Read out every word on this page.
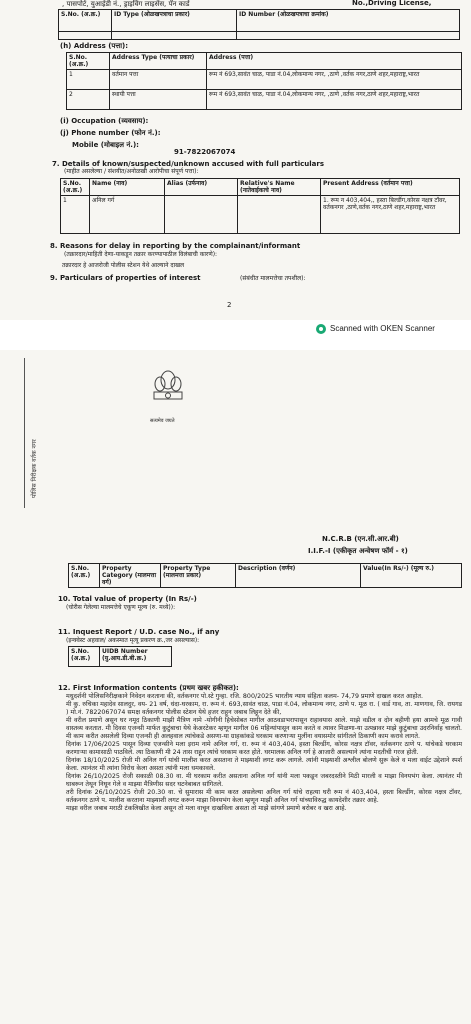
, पासपोर्ट, युआईडी नं., ड्राइविंग लाइसेंस, पॅन कार्ड	No.,Driving License,
S.No. (अ.क्र.)	ID Type (ओळखपत्राचा प्रकार)	ID Number (ओळखपत्राचा क्रमांक)

(h) Address (पत्ता):
S.No. (अ.क्र.)	Address Type (पत्याचा प्रकार)	Address (पत्ता)
1	वर्तमान पत्ता	रूम नं 693,सावंत चाळ, पाडा नं.04,लोकमान्य नगर, ,ठाणे ,वर्तक नगर,ठाणे शहर,महाराष्ट्र,भारत
2	स्थायी पत्ता	रूम नं 693,सावंत चाळ, पाडा नं.04,लोकमान्य नगर, ,ठाणे ,वर्तक नगर,ठाणे शहर,महाराष्ट्र,भारत
(i) Occupation (व्यवसाय):
(j) Phone number (फोन नं.):
Mobile (मोबाइल नं.):
91-7822067074
7. Details of known/suspected/unknown accused with full particulars
(माहीत असलेल्या / संशयीत/अनोळखी आरोपीचा संपूर्ण पत्ता):
S.No. (अ.क्र.)	Name (नाव)	Alias (उर्फनाव)	Relative's Name (नातेवाईकाचे नाव)	Present Address (वर्तमान पत्ता)
1	अनिल गर्ग			1. रूम न 403,404,, हस्ता बिल्डींग,कोरस नक्षत्र टॉवर, वर्तकनगर ,ठाणे,वर्तक नगर,ठाणे शहर,महाराष्ट्र,भारत
8. Reasons for delay in reporting by the complainant/informant
(तक्रारदार/माहिती देणा-याकडून तक्रार करण्यापाठील विलंबाची कारणे):
तक्रारदार हे आजरोजी पोलीस स्टेशन येथे आल्याने दाखल
9. Particulars of properties of interest	(संबंधीत मालमत्तेचा तपशील):
2
Scanned with OKEN Scanner
पोलिस निरीक्षक वर्तक नगर
सत्यमेव जयते
N.C.R.B (एन.सी.आर.बी)
I.I.F.-I (एकीकृत अन्वेषण फॉर्म - १)
S.No. (अ.क्र.)	Property Category (मालमत्ता वर्ग)	Property Type (मालमत्ता प्रकार)	Description (वर्णन)	Value(In Rs/-) (मूल्य रु.)
10. Total value of property (In Rs/-)
(चोरीस गेलेल्या मालमत्तेचे एकूण मूल्य (रु. मध्ये)):
11. Inquest Report / U.D. case No., if any
(इन्क्वेस्ट अहवाल/ अकस्मात मृत्यू प्रकरण क्र.,जर असल्यास):
S.No. (अ.क्र.)	UIDB Number (यु.आय.डी.बी.क्र.)
12. First Information contents (प्रथम खबर हकीकत):

मधुदर्शनी पोलिसनिरीक्षकाने निवेदन करताना की, वर्तकनगर पो.स्टे गुन्हा. रजि. 800/2025 भारतीय न्याय संहिता कलम- 74,79 प्रमाणे दाखल करत आहोत.

मी कु. रुचिका महादेव सालदुर, वय- 21 वर्ष, धंदा-घरकाम, रा. रूम नं. 693,सावंत चाळ, पाडा नं.04, लोकमान्य नगर, ठाणे प. मूळ रा. ( वार्ड गाव, ता. माणगाव, जि. रायगड ) मो.नं. 7822067074 समक्ष वर्तकनगर पोलीस स्टेशन येथे हजर राहून जबाब लिहून देते की,

मी वरील प्रमाणे असून घर नमूद ठिकाणी माझी मैत्रिण नामे -योगीनी हिचेसोबत मागील आठवडाभरापासून राहावयास आले. माझे वडील व दोन बहीणी हया आमचे मूळ गावी वास्तव्य करतात. मी दिवस एजन्सी मार्फत कुटुंबाचा येथे केअरटेकर म्हणून मागील 06 महिन्यांपासून काम करते व त्यावर मिळणा-या उत्पन्नावर माझे कुटुंबाचा उदरनिर्वाह चालतो. मी काम करीत असलेली दिव्या एजन्सी ही अलहवाल त्यांचेकडे असणा-या ग्राहकांकडे घरकाम करणाऱ्या मुलींना वयासमोर सांगीतले ठिकाणी काम करावे लागते.

दिनांक 17/06/2025 पासून दिव्या एजन्सीने मला इराम नामे अनिल गर्ग, रा. रूम नं 403,404, हस्ता बिल्डींग, कोरस नक्षत्र टॉवर, वर्तकनगर ठाणे प. यांचेकडे घरकाम करणाऱ्या कामासाठी पाठविले. त्या ठिकाणी मी 24 तास राहून त्यांचे घरकाम करत होते. घरमालक अनिल गर्ग हे आजारी असल्याने त्यांना मदतीची गरज होती.

दिनांक 18/10/2025 रोजी मी अनिल गर्ग यांची मालीश करत असताना ते माझ्याशी लगट करू लागले. त्यांनी माझ्याशी अश्लील बोलणे सुरू केले व मला वाईट उद्देशाने स्पर्श केला. त्यानंतर मी त्यांना विरोध केला असता त्यांनी मला धमकावले.

दिनांक 26/10/2025 रोजी सकाळी 08.30 वा. मी घरकाम करीत असताना अनिल गर्ग यांनी मला पकडून जबरदस्तीने मिठी मारली व माझा विनयभंग केला. त्यानंतर मी घाबरून तेथून निघून गेले व माझ्या मैत्रिणीस सदर घटनेबाबत सांगितले.

तरी दिनांक 26/10/2025 रोजी 20.30 वा. चे सुमारास मी काम करत असलेल्या अनिल गर्ग यांचे राहत्या घरी रूम नं 403,404, हस्ता बिल्डींग, कोरस नक्षत्र टॉवर, वर्तकनगर ठाणे प. मालीश करताना माझ्याशी लगट करून माझा विनयभंग केला म्हणून माझी अनिल गर्ग यांच्याविरुद्ध कायदेशीर तक्रार आहे.

माझा वरील जबाब मराठी टंकलिखीत केला असून तो मला वाचून दाखविला असता तो माझे सांगणे प्रमाणे बरोबर व खरा आहे.
